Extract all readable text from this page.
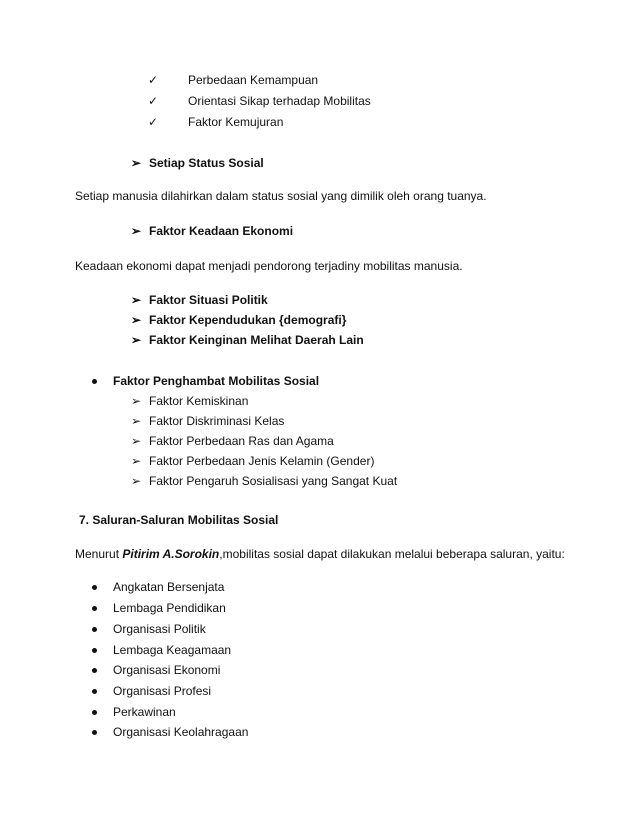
✓ Perbedaan Kemampuan
✓ Orientasi Sikap terhadap Mobilitas
✓ Faktor Kemujuran
➢ Setiap Status Sosial
Setiap manusia dilahirkan dalam status sosial yang dimilik oleh orang tuanya.
➢ Faktor Keadaan Ekonomi
Keadaan ekonomi dapat menjadi pendorong terjadiny mobilitas manusia.
➢ Faktor Situasi Politik
➢ Faktor Kependudukan {demografi}
➢ Faktor Keinginan Melihat Daerah Lain
Faktor Penghambat Mobilitas Sosial
➢ Faktor Kemiskinan
➢ Faktor Diskriminasi Kelas
➢ Faktor Perbedaan Ras dan Agama
➢ Faktor Perbedaan Jenis Kelamin (Gender)
➢ Faktor Pengaruh Sosialisasi yang Sangat Kuat
7. Saluran-Saluran Mobilitas Sosial
Menurut Pitirim A.Sorokin,mobilitas sosial dapat dilakukan melalui beberapa saluran, yaitu:
Angkatan Bersenjata
Lembaga Pendidikan
Organisasi Politik
Lembaga Keagamaan
Organisasi Ekonomi
Organisasi Profesi
Perkawinan
Organisasi Keolahragaan
